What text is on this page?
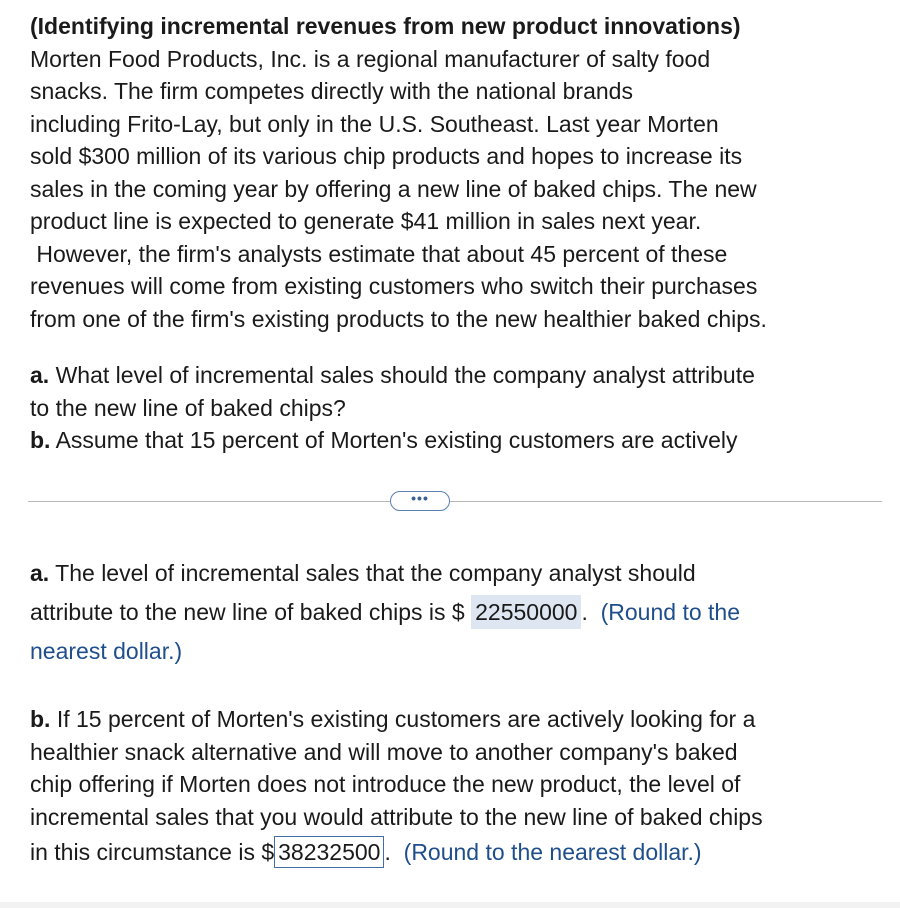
(Identifying incremental revenues from new product innovations)

Morten Food Products, Inc. is a regional manufacturer of salty food

snacks. The firm competes directly with the national brands

including Frito-Lay, but only in the U.S. Southeast. Last year Morten

sold $300 million of its various chip products and hopes to increase its

sales in the coming year by offering a new line of baked chips. The new

product line is expected to generate $41 million in sales next year.

However, the firm's analysts estimate that about 45 percent of these

revenues will come from existing customers who switch their purchases

from one of the firm's existing products to the new healthier baked chips.

a. What level of incremental sales should the company analyst attribute

to the new line of baked chips?

b. Assume that 15 percent of Morten's existing customers are actively

•••

a. The level of incremental sales that the company analyst should
attribute to the new line of baked chips is $ 22550000 . (Round to the
nearest dollar.)

b. If 15 percent of Morten's existing customers are actively looking for a
healthier snack alternative and will move to another company's baked
chip offering if Morten does not introduce the new product, the level of
incremental sales that you would attribute to the new line of baked chips
in this circumstance is $ 38232500 . (Round to the nearest dollar.)
